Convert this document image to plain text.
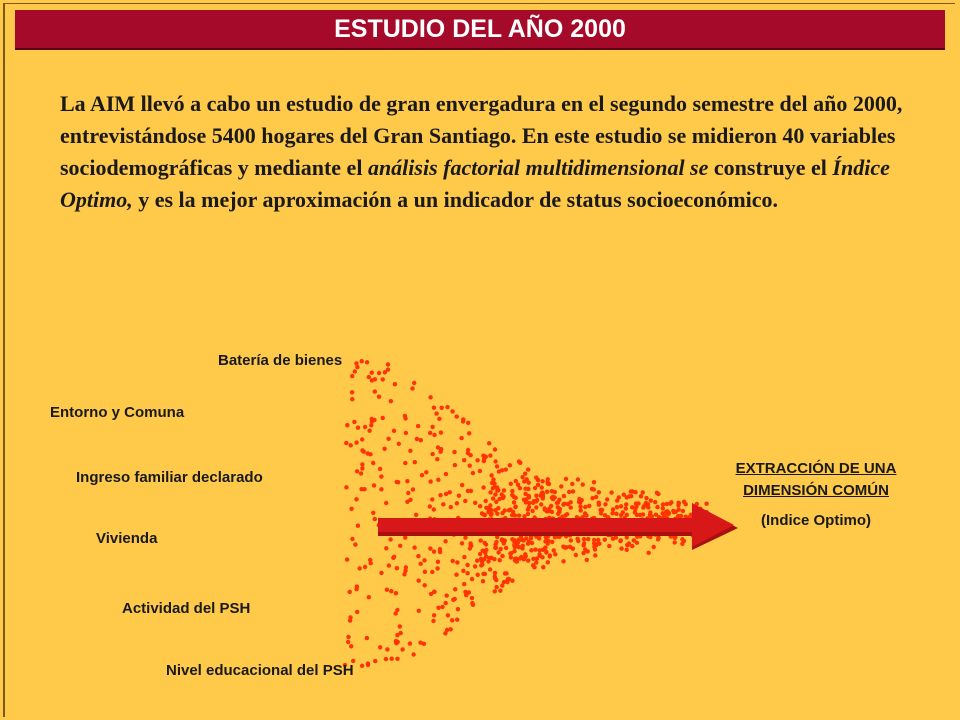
ESTUDIO DEL AÑO 2000

La AIM llevó a cabo un estudio de gran envergadura en el segundo semestre del año 2000, entrevistándose 5400 hogares del Gran Santiago. En este estudio se midieron 40 variables sociodemográficas y mediante el análisis factorial multidimensional se construye el Índice Optimo, y es la mejor aproximación a un indicador de status socioeconómico.

Batería de bienes
Entorno y Comuna
Ingreso familiar declarado
Vivienda
Actividad del PSH
Nivel educacional del PSH
EXTRACCIÓN DE UNA
DIMENSIÓN COMÚN
(Indice Optimo)
